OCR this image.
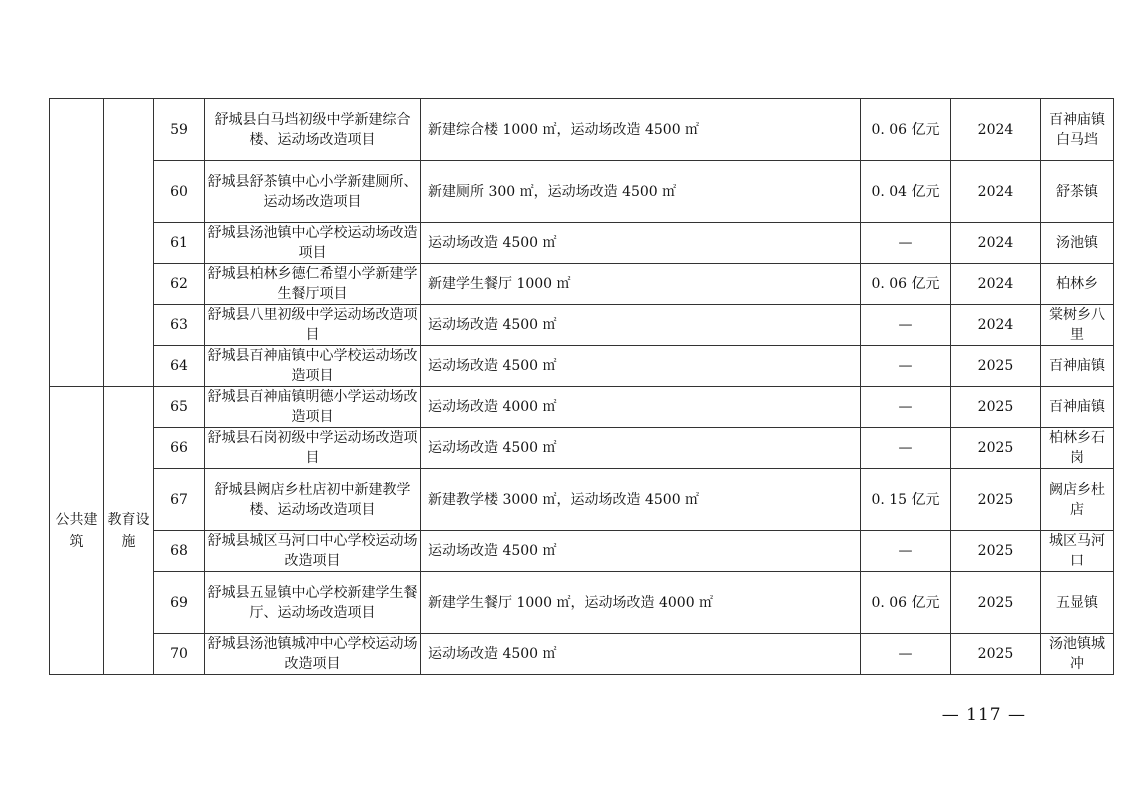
		59	舒城县白马垱初级中学新建综合楼、运动场改造项目	新建综合楼 1000 ㎡，运动场改造 4500 ㎡	0. 06 亿元	2024	百神庙镇白马垱
		60	舒城县舒茶镇中心小学新建厕所、运动场改造项目	新建厕所 300 ㎡，运动场改造 4500 ㎡	0. 04 亿元	2024	舒茶镇
		61	舒城县汤池镇中心学校运动场改造项目	运动场改造 4500 ㎡	—	2024	汤池镇
		62	舒城县柏林乡德仁希望小学新建学生餐厅项目	新建学生餐厅 1000 ㎡	0. 06 亿元	2024	柏林乡
		63	舒城县八里初级中学运动场改造项目	运动场改造 4500 ㎡	—	2024	棠树乡八里
		64	舒城县百神庙镇中心学校运动场改造项目	运动场改造 4500 ㎡	—	2025	百神庙镇
公共建筑	教育设施	65	舒城县百神庙镇明德小学运动场改造项目	运动场改造 4000 ㎡	—	2025	百神庙镇
		66	舒城县石岗初级中学运动场改造项目	运动场改造 4500 ㎡	—	2025	柏林乡石岗
		67	舒城县阙店乡杜店初中新建教学楼、运动场改造项目	新建教学楼 3000 ㎡，运动场改造 4500 ㎡	0. 15 亿元	2025	阙店乡杜店
		68	舒城县城区马河口中心学校运动场改造项目	运动场改造 4500 ㎡	—	2025	城区马河口
		69	舒城县五显镇中心学校新建学生餐厅、运动场改造项目	新建学生餐厅 1000 ㎡，运动场改造 4000 ㎡	0. 06 亿元	2025	五显镇
		70	舒城县汤池镇城冲中心学校运动场改造项目	运动场改造 4500 ㎡	—	2025	汤池镇城冲
— 117 —
